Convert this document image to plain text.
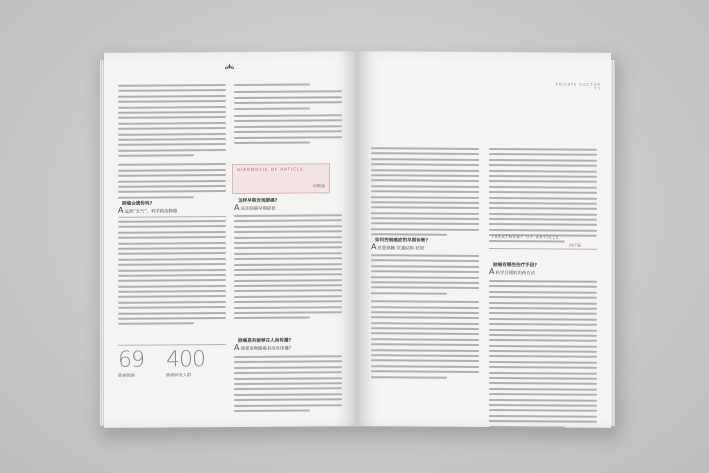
肺癌会遗传吗?
A远离“无气”，科学防治肺癌
69
肺癌数据
400
肺癌病发人群
DIAGNOSIS OF ARTICLE
诊断篇
怎样早期发现肺癌?
A关注肺癌早期症状
肺癌是否能够在人间传播?
A深爱亲吻肺癌有没有传播?
PRIVATE DOCTOR
73
如何控制癌症的早期诊断?
A厌恶烦躁 饮食结构 状况
TREATMENT OF ARTICLE
治疗篇
肺癌有哪些治疗手段?
A科学合理的用药方法
